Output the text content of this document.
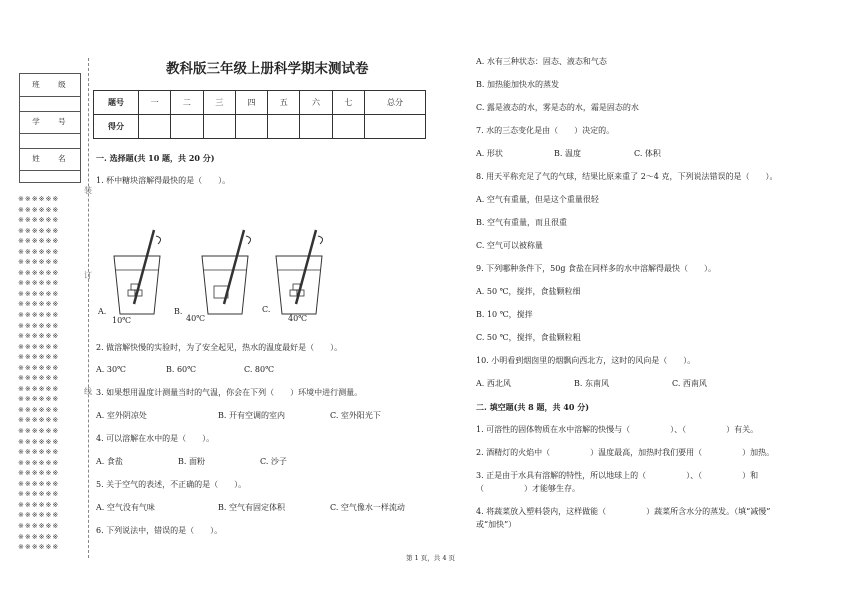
班 级
学 号
姓 名
※※※※※※
※※※※※※
※※※※※※
※※※※※※
※※※※※※
※※※※※※
※※※※※※
※※※※※※
※※※※※※
※※※※※※
※※※※※※
※※※※※※
※※※※※※
※※※※※※
※※※※※※
※※※※※※
※※※※※※
※※※※※※
※※※※※※
※※※※※※
※※※※※※
※※※※※※
※※※※※※
※※※※※※
※※※※※※
※※※※※※
※※※※※※
※※※※※※
※※※※※※
※※※※※※
※※※※※※
※※※※※※
※※※※※※
※※※※※※
装
订
线
教科版三年级上册科学期末测试卷
题号	一	二	三	四	五	六	七	总分
得分								
一. 选择题(共 10 题，共 20 分)
1. 杯中糖块溶解得最快的是（　　）。
A.
10℃
B.
40℃
C.
40℃
2. 做溶解快慢的实验时，为了安全起见，热水的温度最好是（　　）。
A. 30℃	B. 60℃	C. 80℃
3. 如果想用温度计测量当时的气温，你会在下列（　　）环境中进行测量。
A. 室外阴凉处	B. 开有空调的室内	C. 室外阳光下
4. 可以溶解在水中的是（　　）。
A. 食盐	B. 面粉	C. 沙子
5. 关于空气的表述，不正确的是（　　）。
A. 空气没有气味	B. 空气有固定体积	C. 空气像水一样流动
6. 下列说法中，错误的是（　　）。
A. 水有三种状态：固态、液态和气态
B. 加热能加快水的蒸发
C. 露是液态的水，雾是态的水，霜是固态的水
7. 水的三态变化是由（　　）决定的。
A. 形状	B. 温度	C. 体积
8. 用天平称充足了气的气球，结果比原来重了 2～4 克，下列说法错误的是（　　）。
A. 空气有重量，但是这个重量很轻
B. 空气有重量，而且很重
C. 空气可以被称量
9. 下列哪种条件下，50g 食盐在同样多的水中溶解得最快（　　）。
A. 50 ℃，搅拌，食盐颗粒细
B. 10 ℃，搅拌
C. 50 ℃，搅拌，食盐颗粒粗
10. 小明看到烟囱里的烟飘向西北方，这时的风向是（　　）。
A. 西北风	B. 东南风	C. 西南风
二. 填空题(共 8 题，共 40 分)
1. 可溶性的固体物质在水中溶解的快慢与（　　　　　）、（　　　　　）有关。
2. 酒精灯的火焰中（　　　　　）温度最高，加热时我们要用（　　　　　）加热。
3. 正是由于水具有溶解的特性，所以地球上的（　　　　　）、（　　　　　）和
（　　　　　）才能够生存。
4. 将蔬菜放入塑料袋内，这样做能（　　　　　）蔬菜所含水分的蒸发。（填“减慢”
或“加快”）
第 1 页，共 4 页
